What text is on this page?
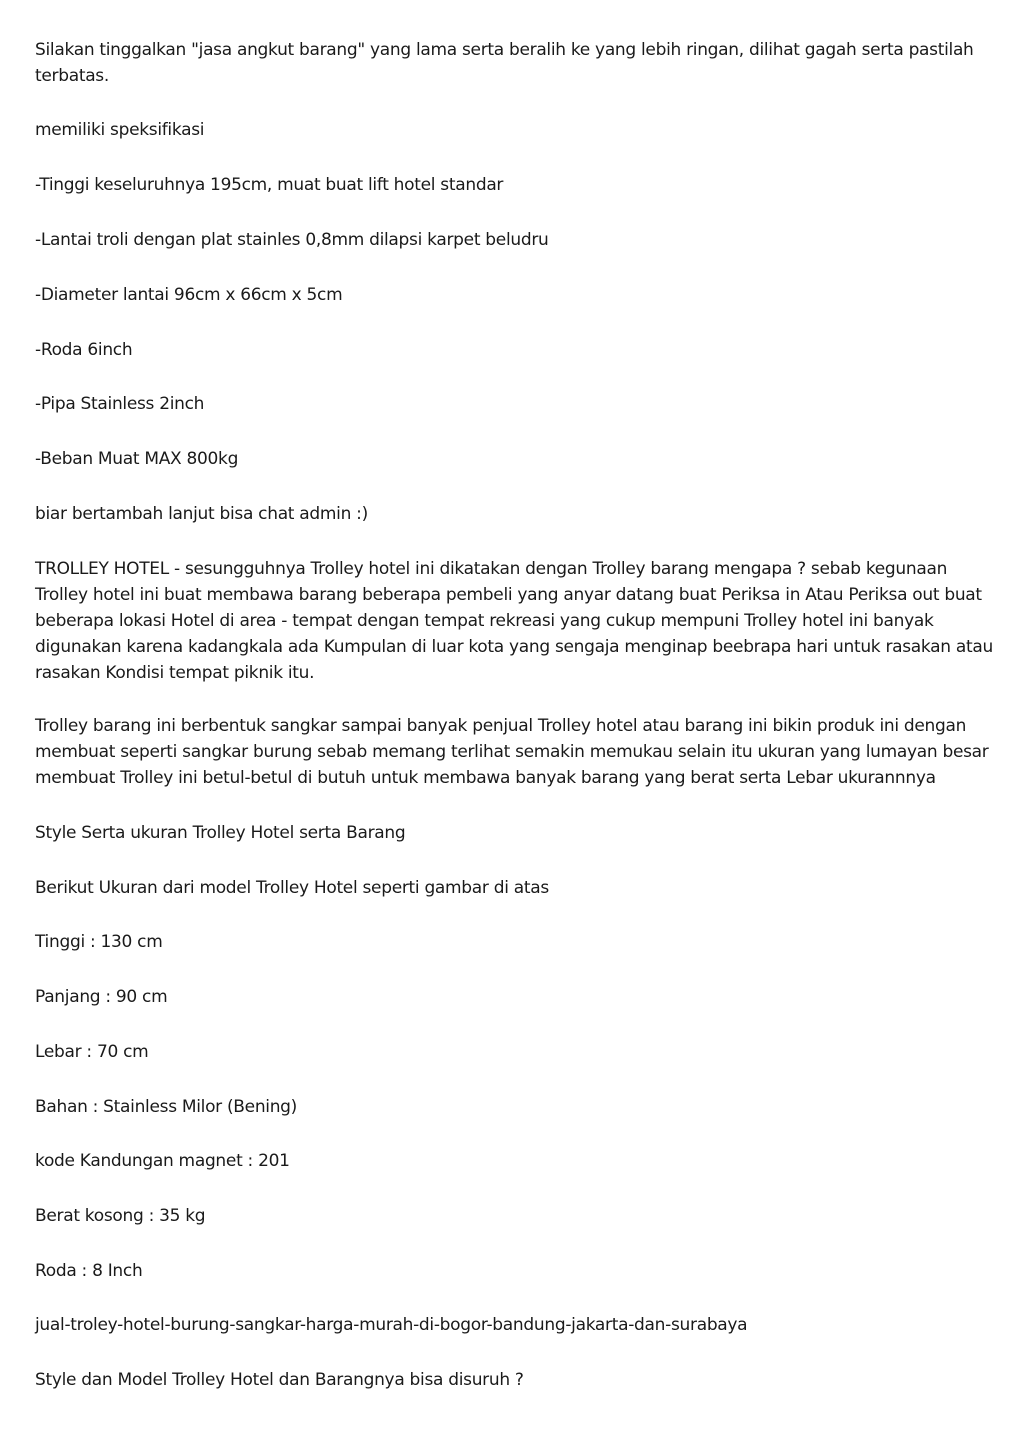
Silakan tinggalkan "jasa angkut barang" yang lama serta beralih ke yang lebih ringan, dilihat gagah serta pastilah terbatas.

memiliki speksifikasi

-Tinggi keseluruhnya 195cm, muat buat lift hotel standar

-Lantai troli dengan plat stainles 0,8mm dilapsi karpet beludru

-Diameter lantai 96cm x 66cm x 5cm

-Roda 6inch

-Pipa Stainless 2inch

-Beban Muat MAX 800kg

biar bertambah lanjut bisa chat admin :)

TROLLEY HOTEL - sesungguhnya Trolley hotel ini dikatakan dengan Trolley barang mengapa ? sebab kegunaan Trolley hotel ini buat membawa barang beberapa pembeli yang anyar datang buat Periksa in Atau Periksa out buat beberapa lokasi Hotel di area - tempat dengan tempat rekreasi yang cukup mempuni Trolley hotel ini banyak digunakan karena kadangkala ada Kumpulan di luar kota yang sengaja menginap beebrapa hari untuk rasakan atau rasakan Kondisi tempat piknik itu.

Trolley barang ini berbentuk sangkar sampai banyak penjual Trolley hotel atau barang ini bikin produk ini dengan membuat seperti sangkar burung sebab memang terlihat semakin memukau selain itu ukuran yang lumayan besar membuat Trolley ini betul-betul di butuh untuk membawa banyak barang yang berat serta Lebar ukurannnya

Style Serta ukuran Trolley Hotel serta Barang

Berikut Ukuran dari model Trolley Hotel seperti gambar di atas

Tinggi : 130 cm

Panjang : 90 cm

Lebar : 70 cm

Bahan : Stainless Milor (Bening)

kode Kandungan magnet : 201

Berat kosong : 35 kg

Roda : 8 Inch

jual-troley-hotel-burung-sangkar-harga-murah-di-bogor-bandung-jakarta-dan-surabaya

Style dan Model Trolley Hotel dan Barangnya bisa disuruh ?
